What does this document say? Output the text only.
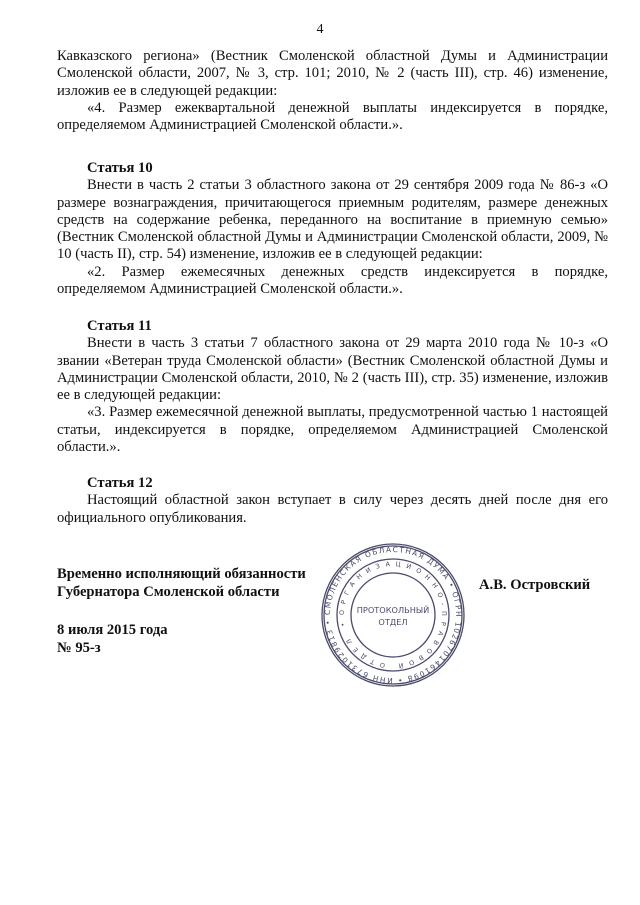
4

Кавказского региона» (Вестник Смоленской областной Думы и Администрации Смоленской области, 2007, № 3, стр. 101; 2010, № 2 (часть III), стр. 46) изменение, изложив ее в следующей редакции:

«4. Размер ежеквартальной денежной выплаты индексируется в порядке, определяемом Администрацией Смоленской области.».

Статья 10

Внести в часть 2 статьи 3 областного закона от 29 сентября 2009 года № 86-з «О размере вознаграждения, причитающегося приемным родителям, размере денежных средств на содержание ребенка, переданного на воспитание в приемную семью» (Вестник Смоленской областной Думы и Администрации Смоленской области, 2009, № 10 (часть II), стр. 54) изменение, изложив ее в следующей редакции:

«2. Размер ежемесячных денежных средств индексируется в порядке, определяемом Администрацией Смоленской области.».

Статья 11

Внести в часть 3 статьи 7 областного закона от 29 марта 2010 года № 10-з «О звании «Ветеран труда Смоленской области» (Вестник Смоленской областной Думы и Администрации Смоленской области, 2010, № 2 (часть III), стр. 35) изменение, изложив ее в следующей редакции:

«3. Размер ежемесячной денежной выплаты, предусмотренной частью 1 настоящей статьи, индексируется в порядке, определяемом Администрацией Смоленской области.».

Статья 12

Настоящий областной закон вступает в силу через десять дней после дня его официального опубликования.

Временно исполняющий обязанности
Губернатора Смоленской области	А.В. Островский
8 июля 2015 года
№ 95-з
СМОЛЕНСКАЯ ОБЛАСТНАЯ ДУМА • ОГРН 1026701461098 • ИНН 6731029813 •
ОРГАНИЗАЦИОННО-ПРАВОВОЙ ОТДЕЛ •
ПРОТОКОЛЬНЫЙ
ОТДЕЛ
